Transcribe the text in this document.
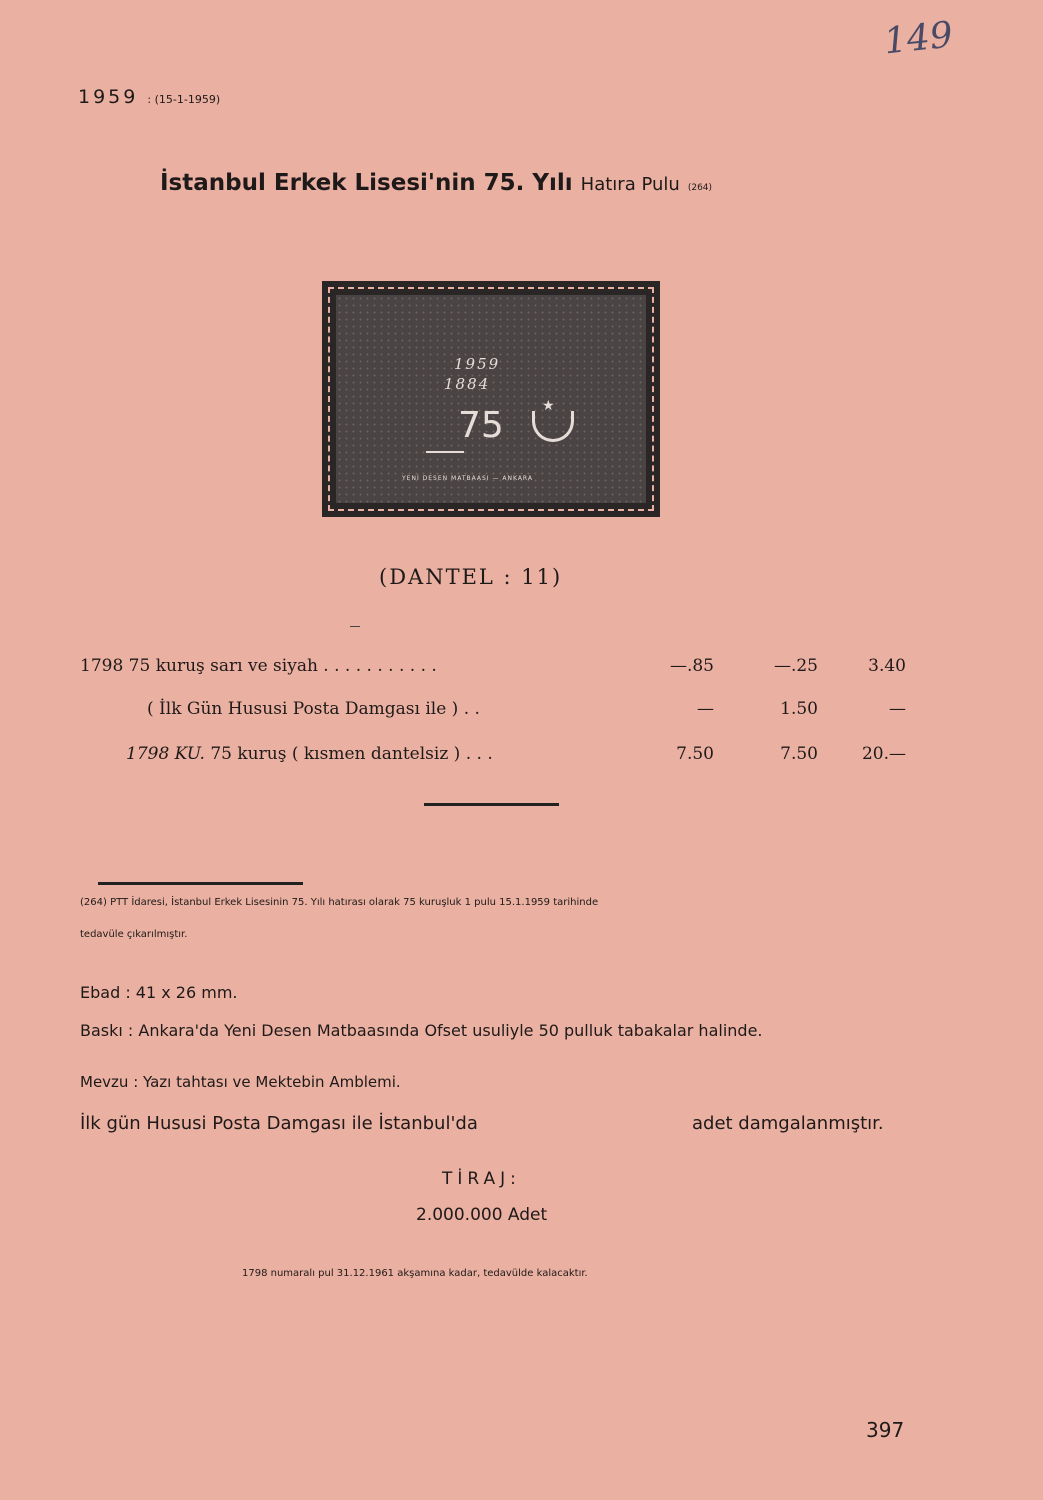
149
1959 : (15-1-1959)
İstanbul Erkek Lisesi'nin 75. Yılı Hatıra Pulu (264)
1959
1884
75	★
YENİ DESEN MATBAASI — ANKARA
(DANTEL : 11)
1798 75 kuruş sarı ve siyah . . . . . . . . . . .	—.85	—.25	3.40
( İlk Gün Hususi Posta Damgası ile ) . .	—	1.50	—
1798 KU. 75 kuruş ( kısmen dantelsiz ) . . .	7.50	7.50	20.—
(264) PTT İdaresi, İstanbul Erkek Lisesinin 75. Yılı hatırası olarak 75 kuruşluk 1 pulu 15.1.1959 tarihinde
tedavüle çıkarılmıştır.
Ebad : 41 x 26 mm.
Baskı : Ankara'da Yeni Desen Matbaasında Ofset usuliyle 50 pulluk tabakalar halinde.
Mevzu : Yazı tahtası ve Mektebin Amblemi.
İlk gün Hususi Posta Damgası ile İstanbul'da	adet damgalanmıştır.
TİRAJ:
2.000.000 Adet
1798 numaralı pul 31.12.1961 akşamına kadar, tedavülde kalacaktır.
397
